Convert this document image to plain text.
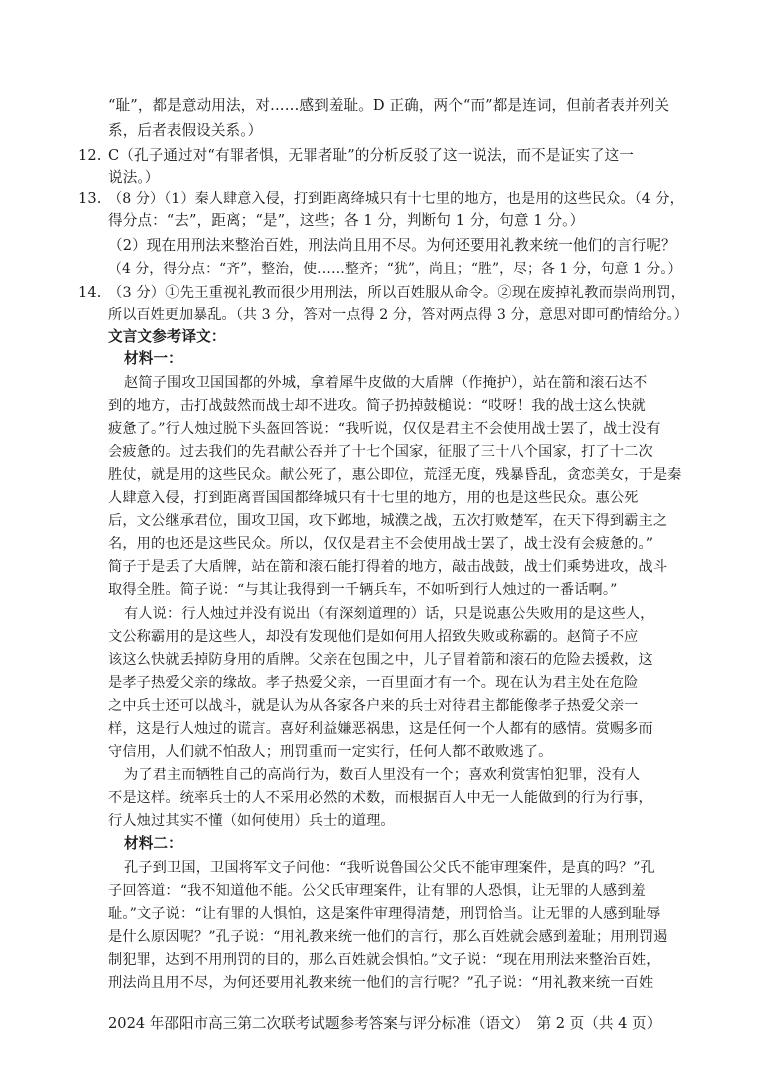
“耻”，都是意动用法，对……感到羞耻。D 正确，两个“而”都是连词，但前者表并列关
系，后者表假设关系。）
12. C（孔子通过对“有罪者惧，无罪者耻”的分析反驳了这一说法，而不是证实了这一
说法。）
13. （8 分）（1）秦人肆意入侵，打到距离绛城只有十七里的地方，也是用的这些民众。（4 分，
得分点：“去”，距离；“是”，这些；各 1 分，判断句 1 分，句意 1 分。）
（2）现在用刑法来整治百姓，刑法尚且用不尽。为何还要用礼教来统一他们的言行呢？
（4 分，得分点：“齐”，整治，使……整齐；“犹”，尚且；“胜”，尽；各 1 分，句意 1 分。）
14. （3 分）①先王重视礼教而很少用刑法，所以百姓服从命令。②现在废掉礼教而崇尚刑罚，
所以百姓更加暴乱。（共 3 分，答对一点得 2 分，答对两点得 3 分，意思对即可酌情给分。）
文言文参考译文：
材料一：
赵简子围攻卫国国都的外城，拿着犀牛皮做的大盾牌（作掩护），站在箭和滚石达不
到的地方，击打战鼓然而战士却不进攻。简子扔掉鼓槌说：“哎呀！我的战士这么快就
疲惫了。”行人烛过脱下头盔回答说：“我听说，仅仅是君主不会使用战士罢了，战士没有
会疲惫的。过去我们的先君献公吞并了十七个国家，征服了三十八个国家，打了十二次
胜仗，就是用的这些民众。献公死了，惠公即位，荒淫无度，残暴昏乱，贪恋美女，于是秦
人肆意入侵，打到距离晋国国都绛城只有十七里的地方，用的也是这些民众。惠公死
后，文公继承君位，围攻卫国，攻下邺地，城濮之战，五次打败楚军，在天下得到霸主之
名，用的也还是这些民众。所以，仅仅是君主不会使用战士罢了，战士没有会疲惫的。”
简子于是丢了大盾牌，站在箭和滚石能打得着的地方，敲击战鼓，战士们乘势进攻，战斗
取得全胜。简子说：“与其让我得到一千辆兵车，不如听到行人烛过的一番话啊。”
有人说：行人烛过并没有说出（有深刻道理的）话，只是说惠公失败用的是这些人，
文公称霸用的是这些人，却没有发现他们是如何用人招致失败或称霸的。赵简子不应
该这么快就丢掉防身用的盾牌。父亲在包围之中，儿子冒着箭和滚石的危险去援救，这
是孝子热爱父亲的缘故。孝子热爱父亲，一百里面才有一个。现在认为君主处在危险
之中兵士还可以战斗，就是认为从各家各户来的兵士对待君主都能像孝子热爱父亲一
样，这是行人烛过的谎言。喜好利益嫌恶祸患，这是任何一个人都有的感情。赏赐多而
守信用，人们就不怕敌人；刑罚重而一定实行，任何人都不敢败逃了。
为了君主而牺牲自己的高尚行为，数百人里没有一个；喜欢利赏害怕犯罪，没有人
不是这样。统率兵士的人不采用必然的术数，而根据百人中无一人能做到的行为行事，
行人烛过其实不懂（如何使用）兵士的道理。
材料二：
孔子到卫国，卫国将军文子问他：“我听说鲁国公父氏不能审理案件，是真的吗？”孔
子回答道：“我不知道他不能。公父氏审理案件，让有罪的人恐惧，让无罪的人感到羞
耻。”文子说：“让有罪的人惧怕，这是案件审理得清楚，刑罚恰当。让无罪的人感到耻辱
是什么原因呢？”孔子说：“用礼教来统一他们的言行，那么百姓就会感到羞耻；用刑罚遏
制犯罪，达到不用刑罚的目的，那么百姓就会惧怕。”文子说：“现在用刑法来整治百姓，
刑法尚且用不尽，为何还要用礼教来统一他们的言行呢？”孔子说：“用礼教来统一百姓
2024 年邵阳市高三第二次联考试题参考答案与评分标准（语文）　第 2 页（共 4 页）
